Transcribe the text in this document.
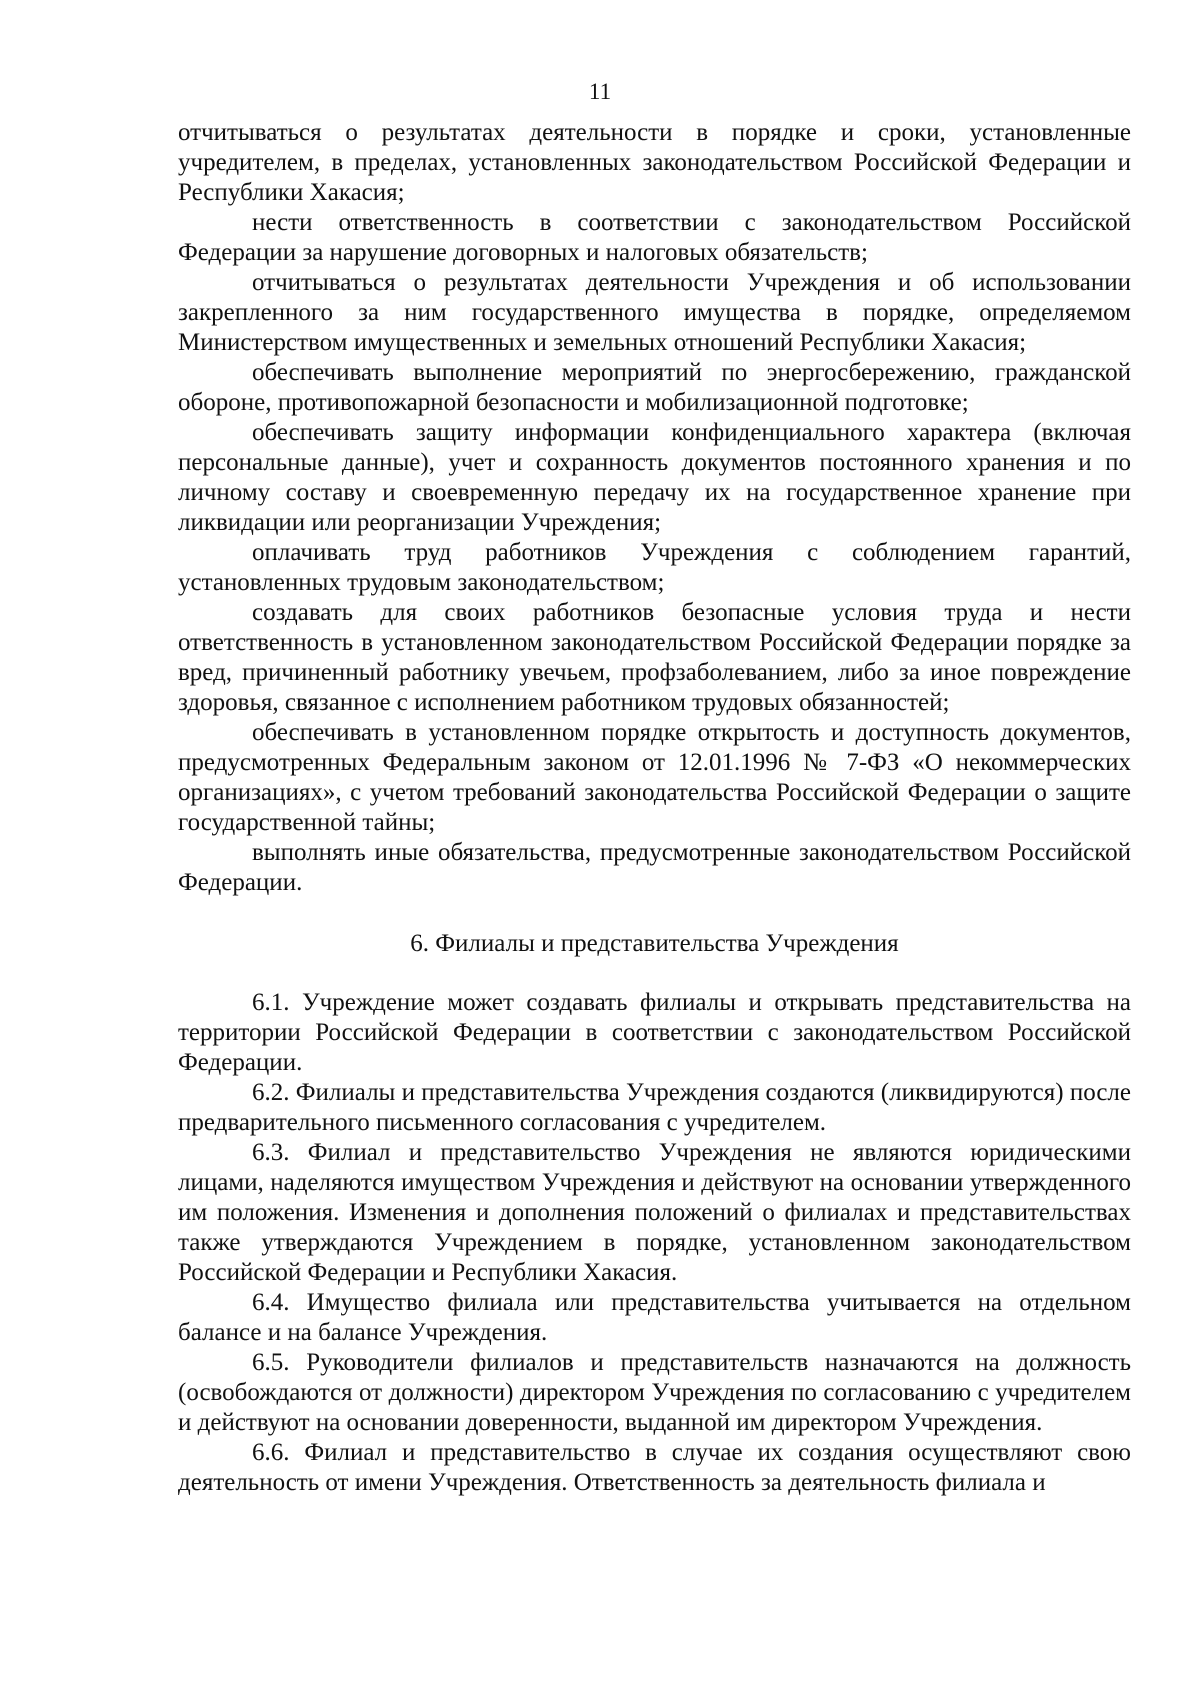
11

отчитываться о результатах деятельности в порядке и сроки, установленные учредителем, в пределах, установленных законодательством Российской Федерации и Республики Хакасия;

нести ответственность в соответствии с законодательством Российской Федерации за нарушение договорных и налоговых обязательств;

отчитываться о результатах деятельности Учреждения и об использовании закрепленного за ним государственного имущества в порядке, определяемом Министерством имущественных и земельных отношений Республики Хакасия;

обеспечивать выполнение мероприятий по энергосбережению, гражданской обороне, противопожарной безопасности и мобилизационной подготовке;

обеспечивать защиту информации конфиденциального характера (включая персональные данные), учет и сохранность документов постоянного хранения и по личному составу и своевременную передачу их на государственное хранение при ликвидации или реорганизации Учреждения;

оплачивать труд работников Учреждения с соблюдением гарантий, установленных трудовым законодательством;

создавать для своих работников безопасные условия труда и нести ответственность в установленном законодательством Российской Федерации порядке за вред, причиненный работнику увечьем, профзаболеванием, либо за иное повреждение здоровья, связанное с исполнением работником трудовых обязанностей;

обеспечивать в установленном порядке открытость и доступность документов, предусмотренных Федеральным законом от 12.01.1996 № 7-ФЗ «О некоммерческих организациях», с учетом требований законодательства Российской Федерации о защите государственной тайны;

выполнять иные обязательства, предусмотренные законодательством Российской Федерации.

6. Филиалы и представительства Учреждения

6.1. Учреждение может создавать филиалы и открывать представительства на территории Российской Федерации в соответствии с законодательством Российской Федерации.

6.2. Филиалы и представительства Учреждения создаются (ликвидируются) после предварительного письменного согласования с учредителем.

6.3. Филиал и представительство Учреждения не являются юридическими лицами, наделяются имуществом Учреждения и действуют на основании утвержденного им положения. Изменения и дополнения положений о филиалах и представительствах также утверждаются Учреждением в порядке, установленном законодательством Российской Федерации и Республики Хакасия.

6.4. Имущество филиала или представительства учитывается на отдельном балансе и на балансе Учреждения.

6.5. Руководители филиалов и представительств назначаются на должность (освобождаются от должности) директором Учреждения по согласованию с учредителем и действуют на основании доверенности, выданной им директором Учреждения.

6.6. Филиал и представительство в случае их создания осуществляют свою деятельность от имени Учреждения. Ответственность за деятельность филиала и
